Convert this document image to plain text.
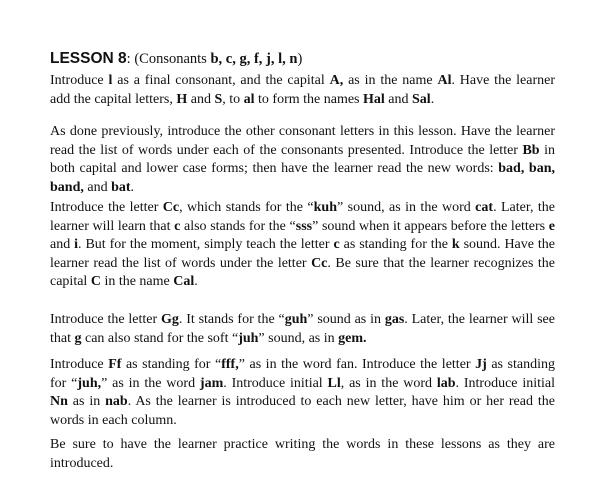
LESSON 8: (Consonants b, c, g, f, j, l, n)

Introduce l as a final consonant, and the capital A, as in the name Al. Have the learner add the capital letters, H and S, to al to form the names Hal and Sal.

As done previously, introduce the other consonant letters in this lesson. Have the learner read the list of words under each of the consonants presented. Introduce the letter Bb in both capital and lower case forms; then have the learner read the new words: bad, ban, band, and bat.

Introduce the letter Cc, which stands for the “kuh” sound, as in the word cat. Later, the learner will learn that c also stands for the “sss” sound when it appears before the letters e and i. But for the moment, simply teach the letter c as standing for the k sound. Have the learner read the list of words under the letter Cc. Be sure that the learner recognizes the capital C in the name Cal.

Introduce the letter Gg. It stands for the “guh” sound as in gas. Later, the learner will see that g can also stand for the soft “juh” sound, as in gem.

Introduce Ff as standing for “fff,” as in the word fan. Introduce the letter Jj as standing for “juh,” as in the word jam. Introduce initial Ll, as in the word lab. Introduce initial Nn as in nab. As the learner is introduced to each new letter, have him or her read the words in each column.

Be sure to have the learner practice writing the words in these lessons as they are introduced.
